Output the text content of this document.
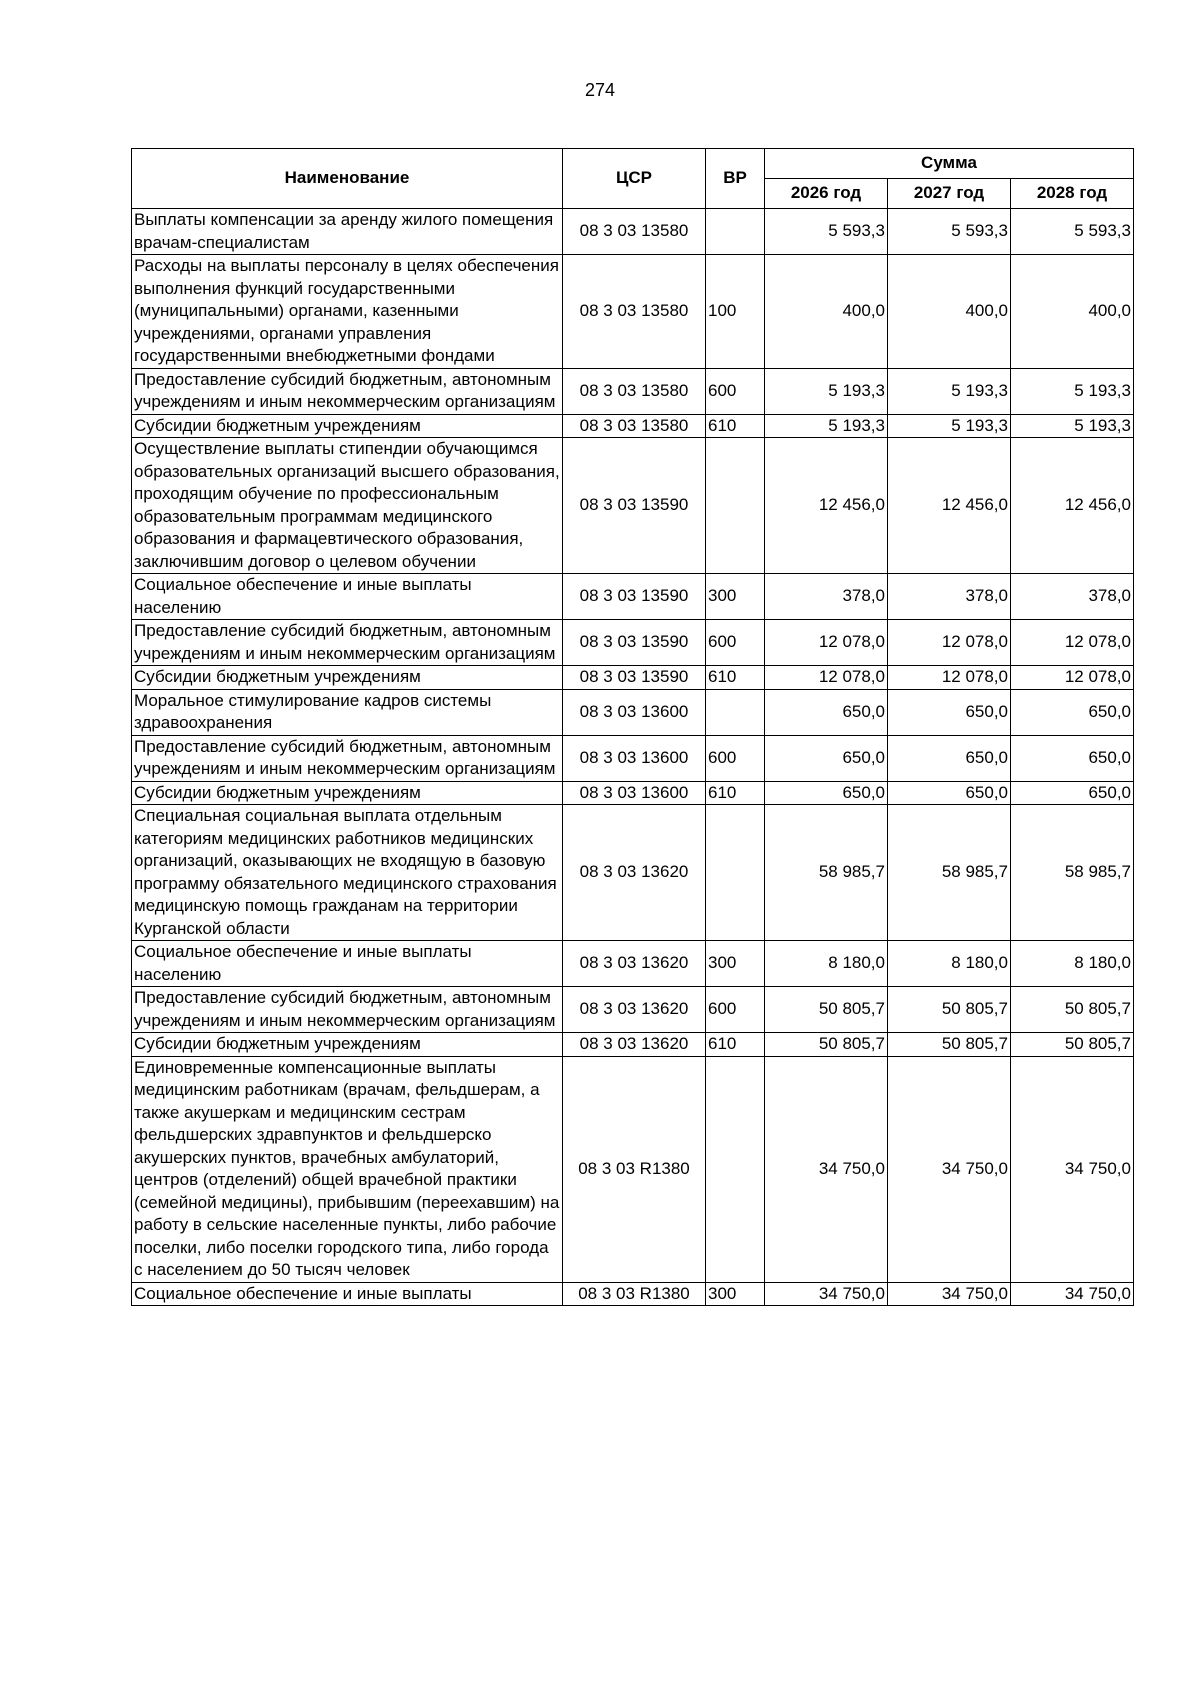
274
Наименование	ЦСР	ВР	Сумма		
			2026 год	2027 год	2028 год
Выплаты компенсации за аренду жилого помещения врачам-специалистам	08 3 03 13580		5 593,3	5 593,3	5 593,3
Расходы на выплаты персоналу в целях обеспечения выполнения функций государственными (муниципальными) органами, казенными учреждениями, органами управления государственными внебюджетными фондами	08 3 03 13580	100	400,0	400,0	400,0
Предоставление субсидий бюджетным, автономным учреждениям и иным некоммерческим организациям	08 3 03 13580	600	5 193,3	5 193,3	5 193,3
Субсидии бюджетным учреждениям	08 3 03 13580	610	5 193,3	5 193,3	5 193,3
Осуществление выплаты стипендии обучающимся образовательных организаций высшего образования, проходящим обучение по профессиональным образовательным программам медицинского образования и фармацевтического образования, заключившим договор о целевом обучении	08 3 03 13590		12 456,0	12 456,0	12 456,0
Социальное обеспечение и иные выплаты населению	08 3 03 13590	300	378,0	378,0	378,0
Предоставление субсидий бюджетным, автономным учреждениям и иным некоммерческим организациям	08 3 03 13590	600	12 078,0	12 078,0	12 078,0
Субсидии бюджетным учреждениям	08 3 03 13590	610	12 078,0	12 078,0	12 078,0
Моральное стимулирование кадров системы здравоохранения	08 3 03 13600		650,0	650,0	650,0
Предоставление субсидий бюджетным, автономным учреждениям и иным некоммерческим организациям	08 3 03 13600	600	650,0	650,0	650,0
Субсидии бюджетным учреждениям	08 3 03 13600	610	650,0	650,0	650,0
Специальная социальная выплата отдельным категориям медицинских работников медицинских организаций, оказывающих не входящую в базовую программу обязательного медицинского страхования медицинскую помощь гражданам на территории Курганской области	08 3 03 13620		58 985,7	58 985,7	58 985,7
Социальное обеспечение и иные выплаты населению	08 3 03 13620	300	8 180,0	8 180,0	8 180,0
Предоставление субсидий бюджетным, автономным учреждениям и иным некоммерческим организациям	08 3 03 13620	600	50 805,7	50 805,7	50 805,7
Субсидии бюджетным учреждениям	08 3 03 13620	610	50 805,7	50 805,7	50 805,7
Единовременные компенсационные выплаты медицинским работникам (врачам, фельдшерам, а также акушеркам и медицинским сестрам фельдшерских здравпунктов и фельдшерско акушерских пунктов, врачебных амбулаторий, центров (отделений) общей врачебной практики (семейной медицины), прибывшим (переехавшим) на работу в сельские населенные пункты, либо рабочие поселки, либо поселки городского типа, либо города с населением до 50 тысяч человек	08 3 03 R1380		34 750,0	34 750,0	34 750,0
Социальное обеспечение и иные выплаты	08 3 03 R1380	300	34 750,0	34 750,0	34 750,0
